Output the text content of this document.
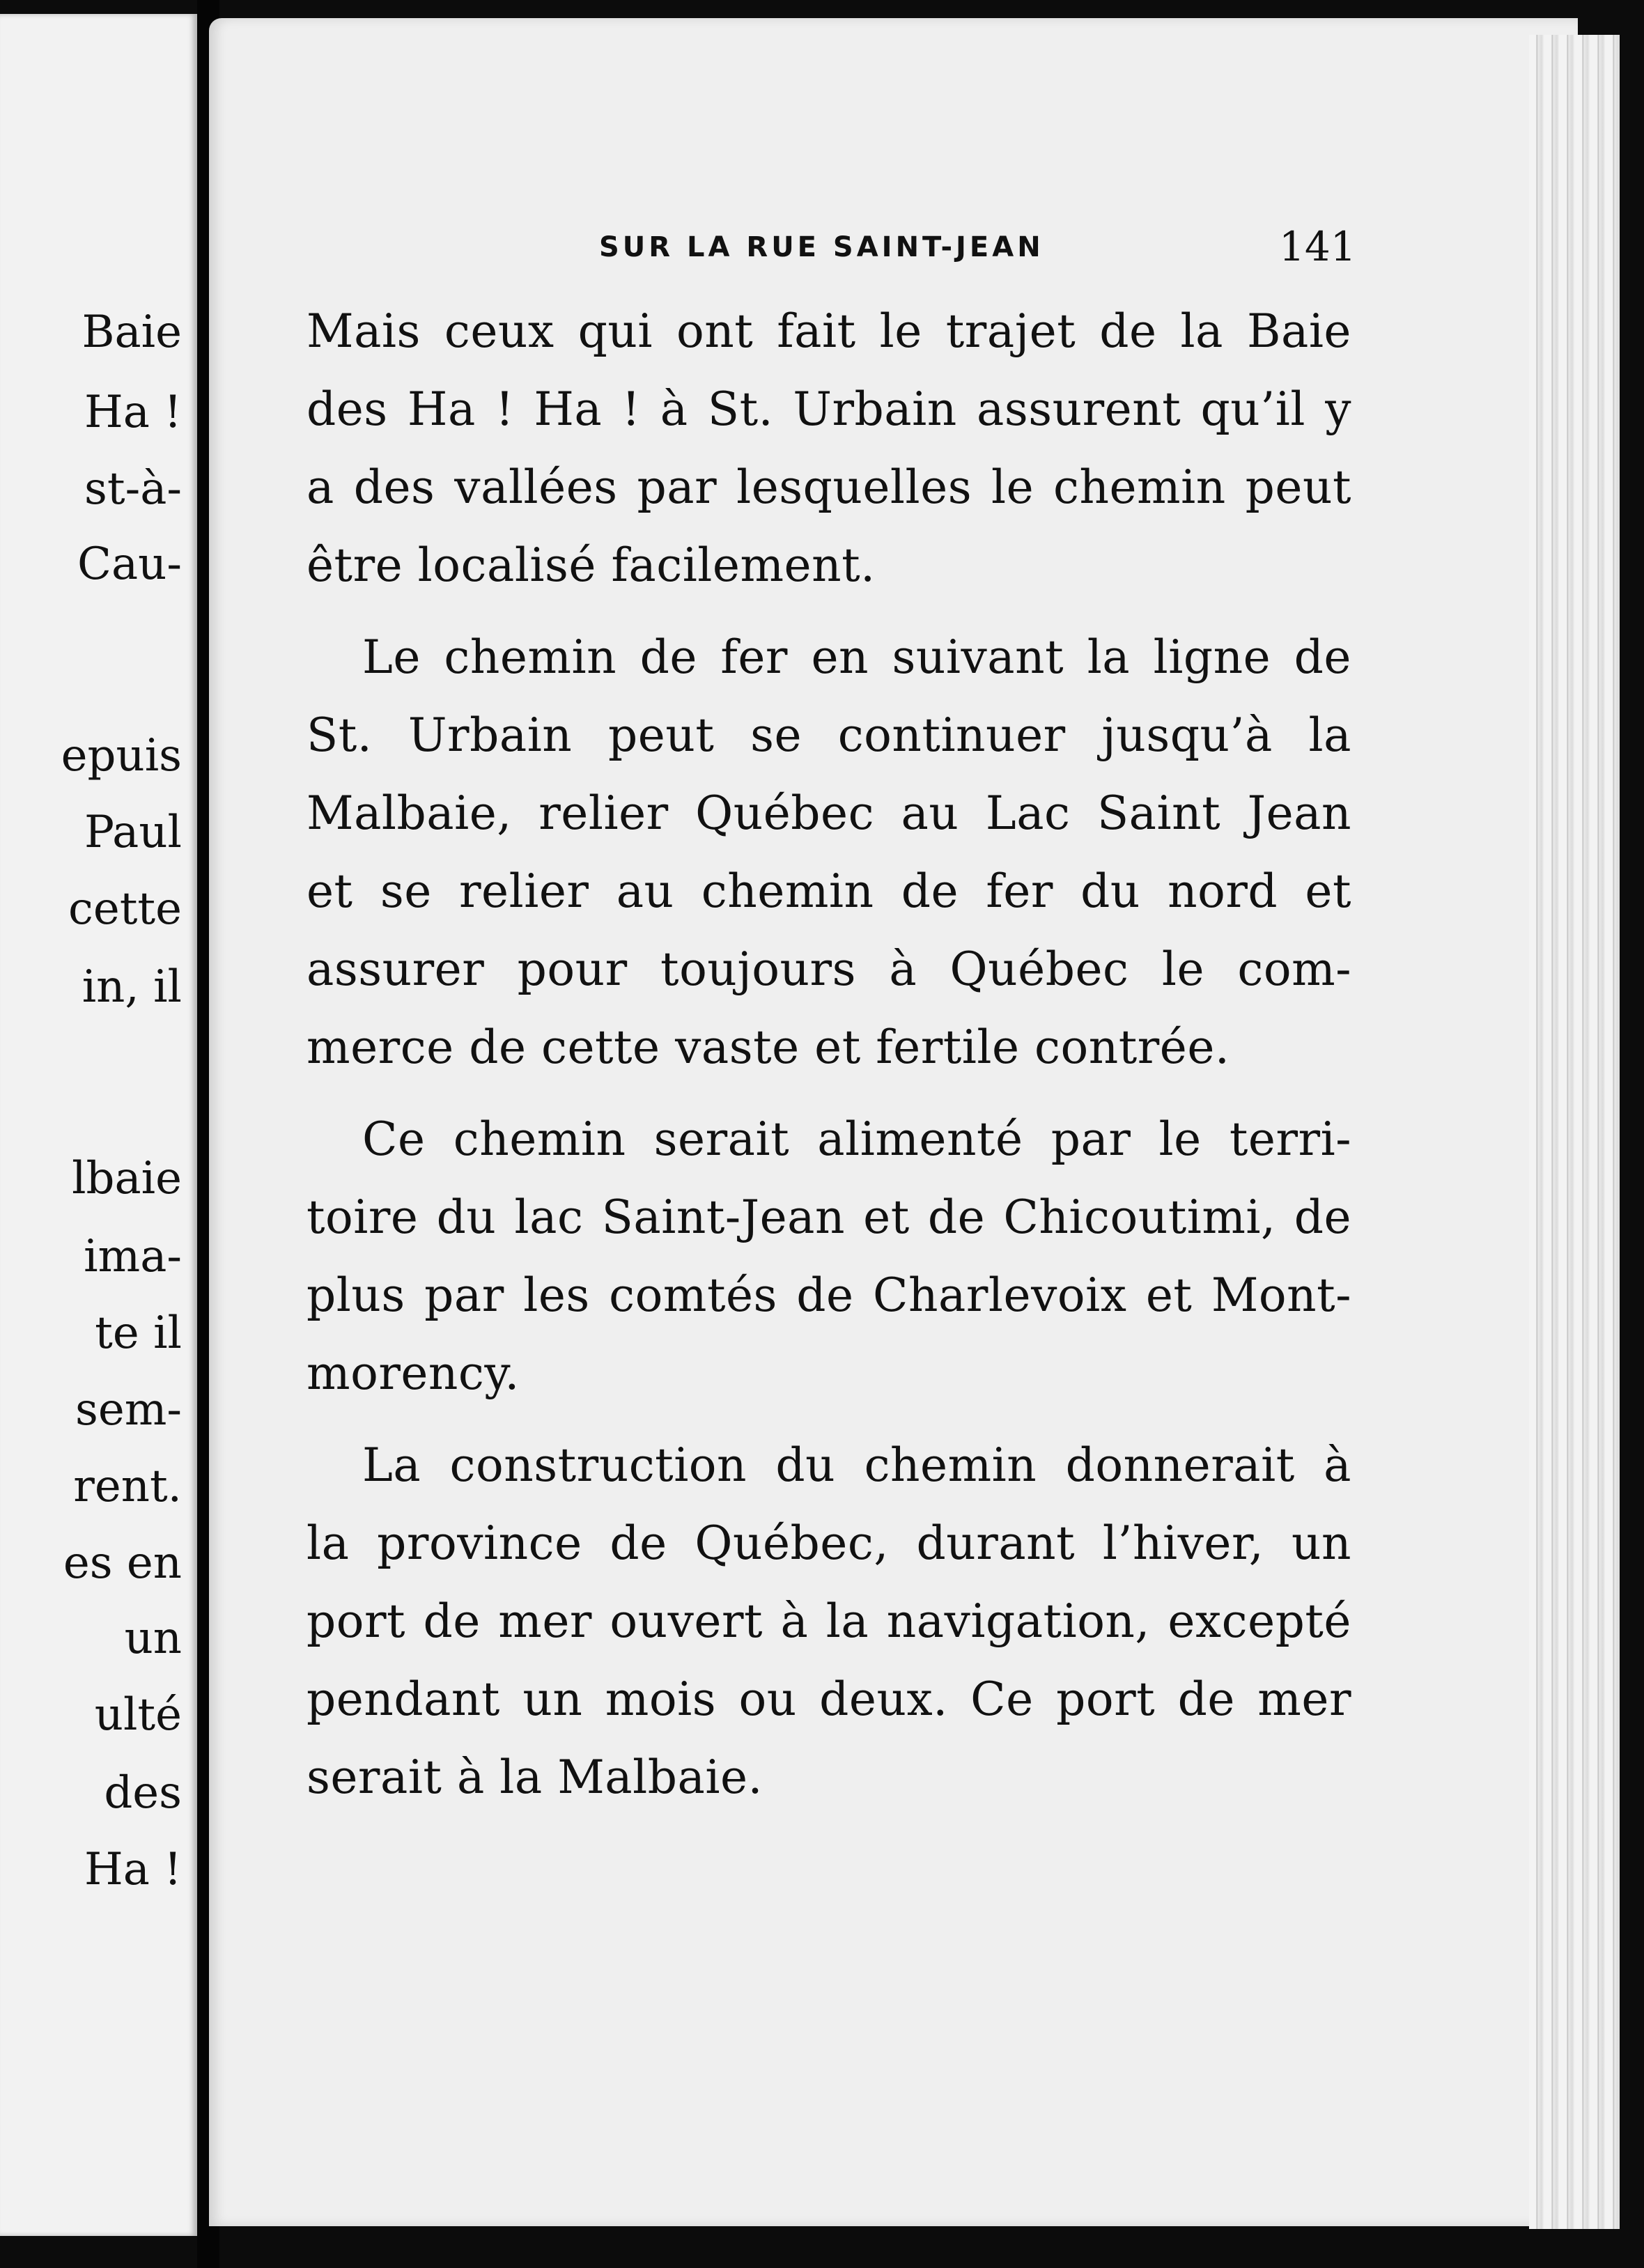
Baie

Ha !

st-à-

Cau-

epuis

Paul

cette

in, il

lbaie

ima-

te il

sem-

rent.

es en

un

ulté

des

Ha !

SUR LA RUE SAINT-JEAN	141

Mais ceux qui ont fait le trajet de la Baie
des Ha ! Ha ! à St. Urbain assurent qu’il y
a des vallées par lesquelles le chemin peut
être localisé facilement.

Le chemin de fer en suivant la ligne de
St. Urbain peut se continuer jusqu’à la
Malbaie, relier Québec au Lac Saint Jean
et se relier au chemin de fer du nord et
assurer pour toujours à Québec le com-
merce de cette vaste et fertile contrée.

Ce chemin serait alimenté par le terri-
toire du lac Saint-Jean et de Chicoutimi, de
plus par les comtés de Charlevoix et Mont-
morency.

La construction du chemin donnerait à
la province de Québec, durant l’hiver, un
port de mer ouvert à la navigation, excepté
pendant un mois ou deux. Ce port de mer
serait à la Malbaie.
